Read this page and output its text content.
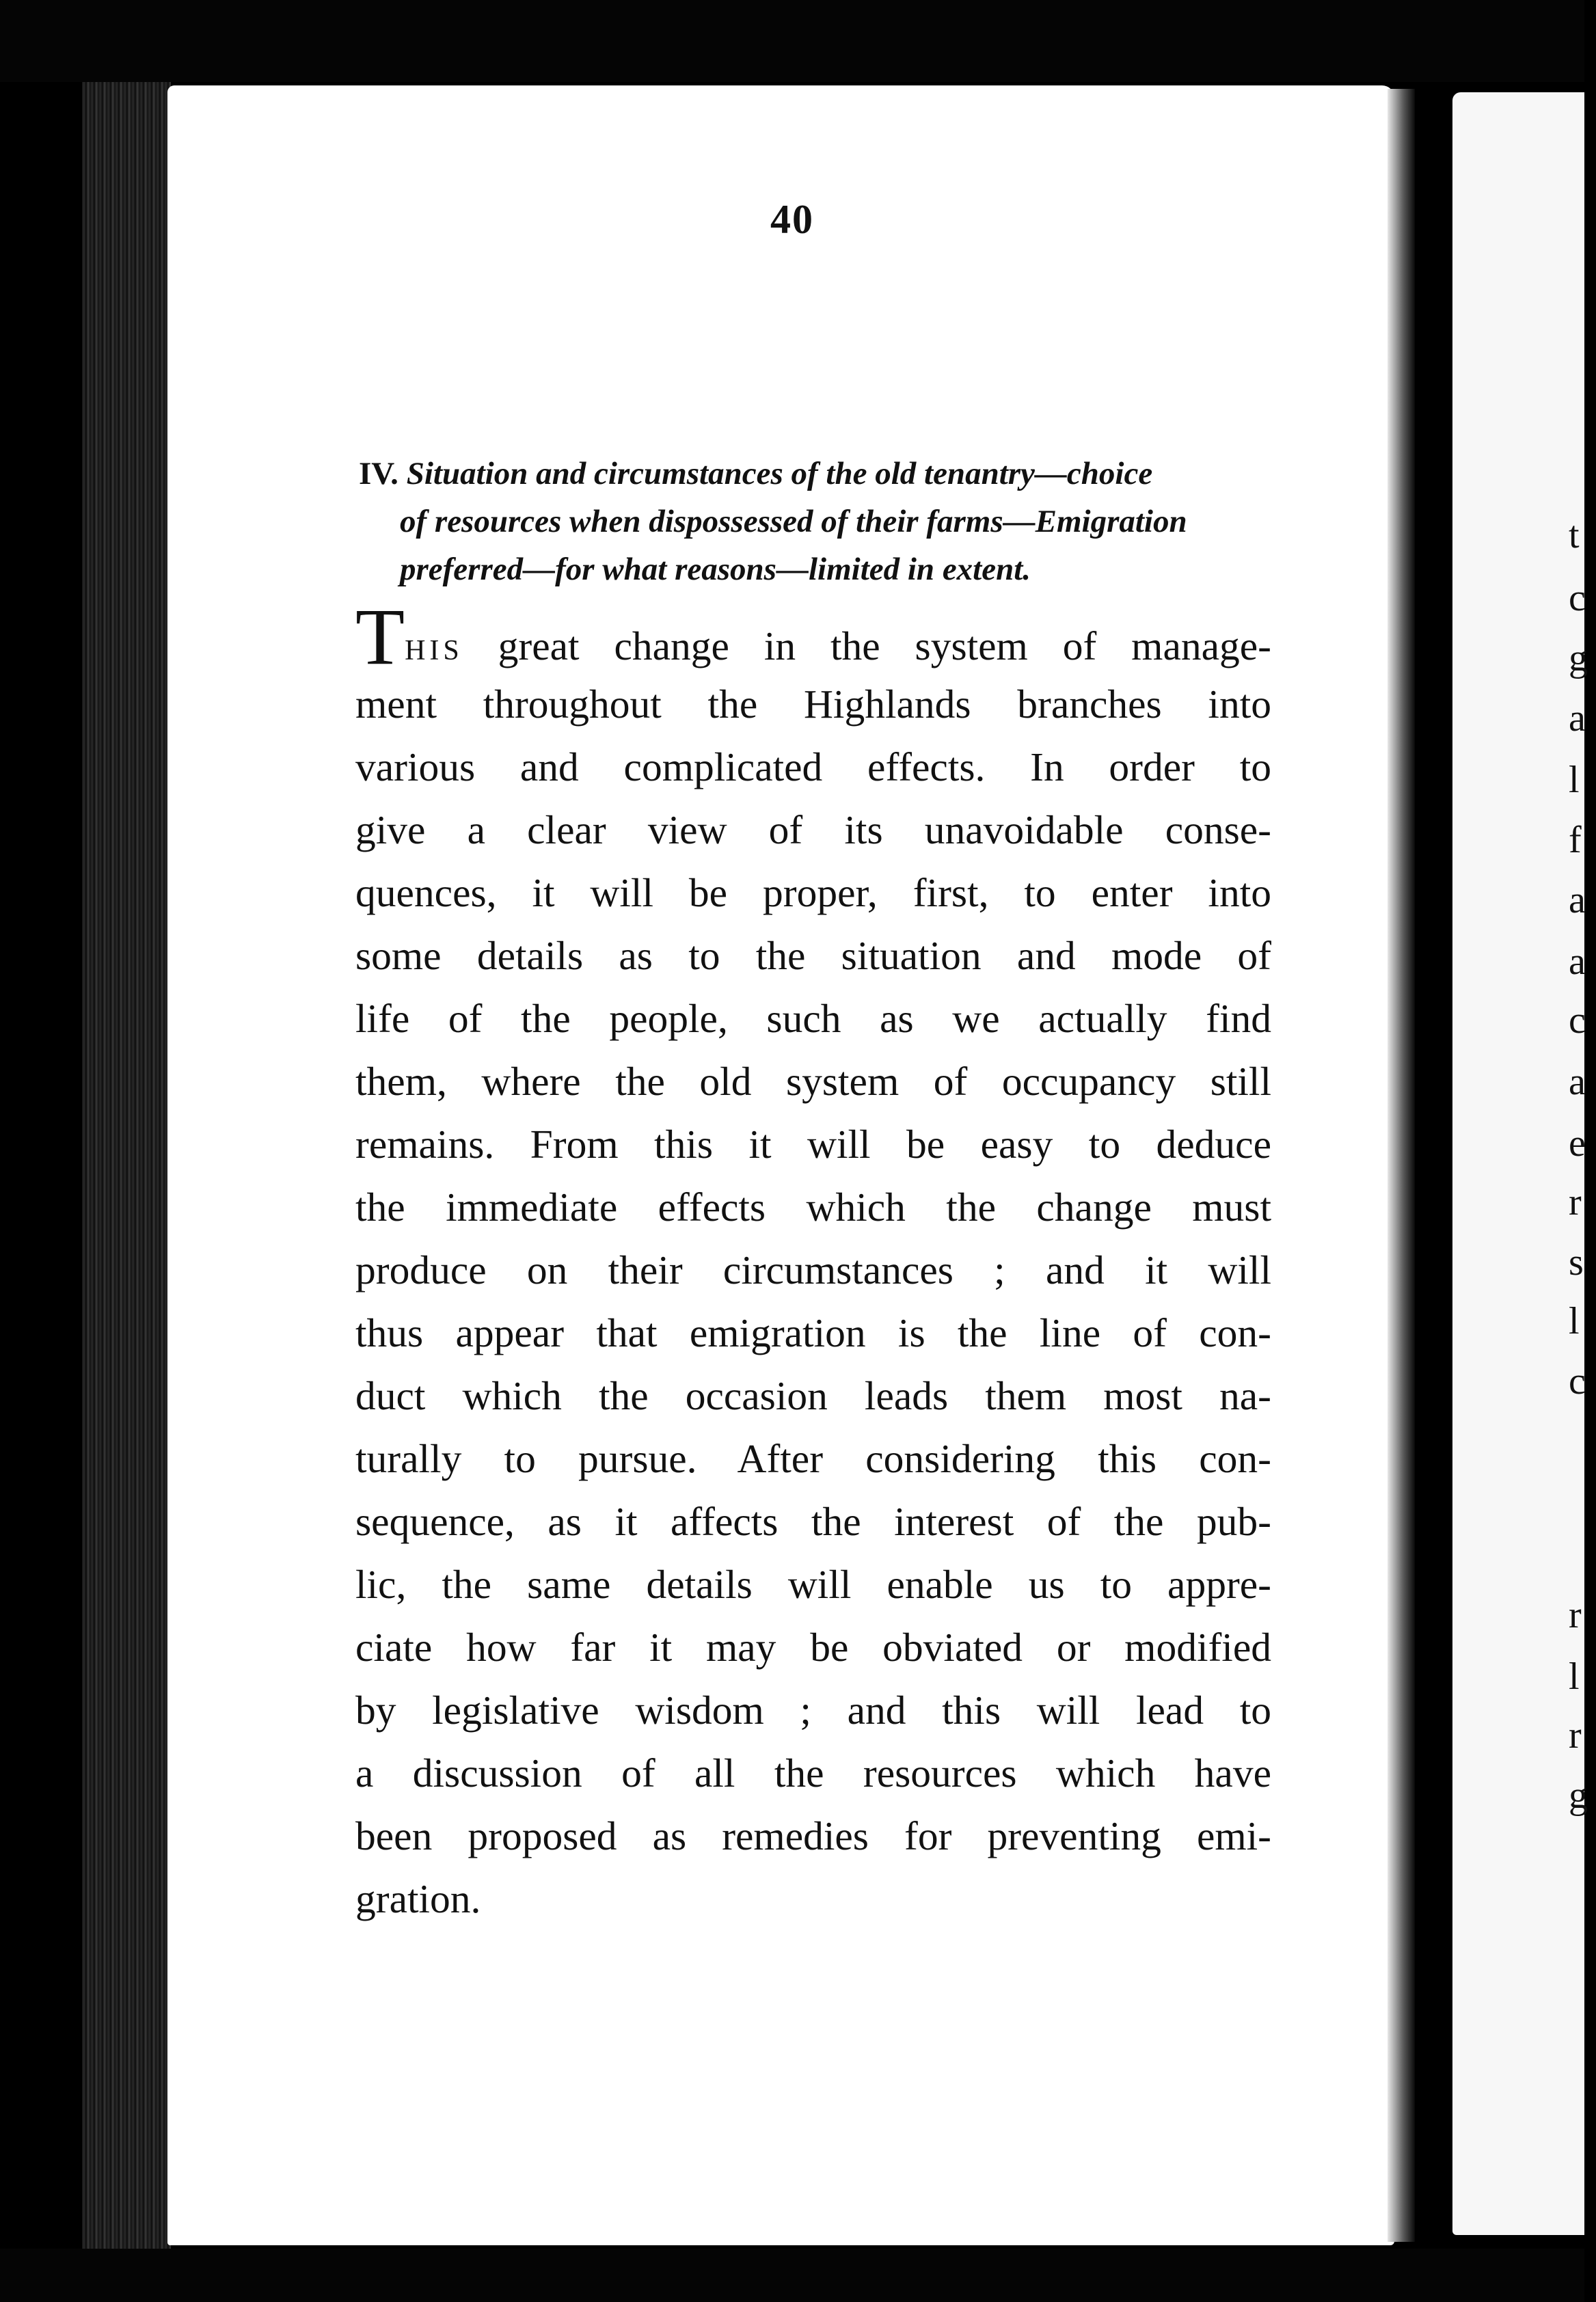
t
c
g
a
l
f
a
a
c
a
e
r
s
l
c
r
l
r
g
40
IV. Situation and circumstances of the old tenantry—choice
of resources when dispossessed of their farms—Emigration
preferred—for what reasons—limited in extent.
THIS great change in the system of manage-
ment throughout the Highlands branches into
various and complicated effects. In order to
give a clear view of its unavoidable conse-
quences, it will be proper, first, to enter into
some details as to the situation and mode of
life of the people, such as we actually find
them, where the old system of occupancy still
remains. From this it will be easy to deduce
the immediate effects which the change must
produce on their circumstances ; and it will
thus appear that emigration is the line of con-
duct which the occasion leads them most na-
turally to pursue. After considering this con-
sequence, as it affects the interest of the pub-
lic, the same details will enable us to appre-
ciate how far it may be obviated or modified
by legislative wisdom ; and this will lead to
a discussion of all the resources which have
been proposed as remedies for preventing emi-
gration.
